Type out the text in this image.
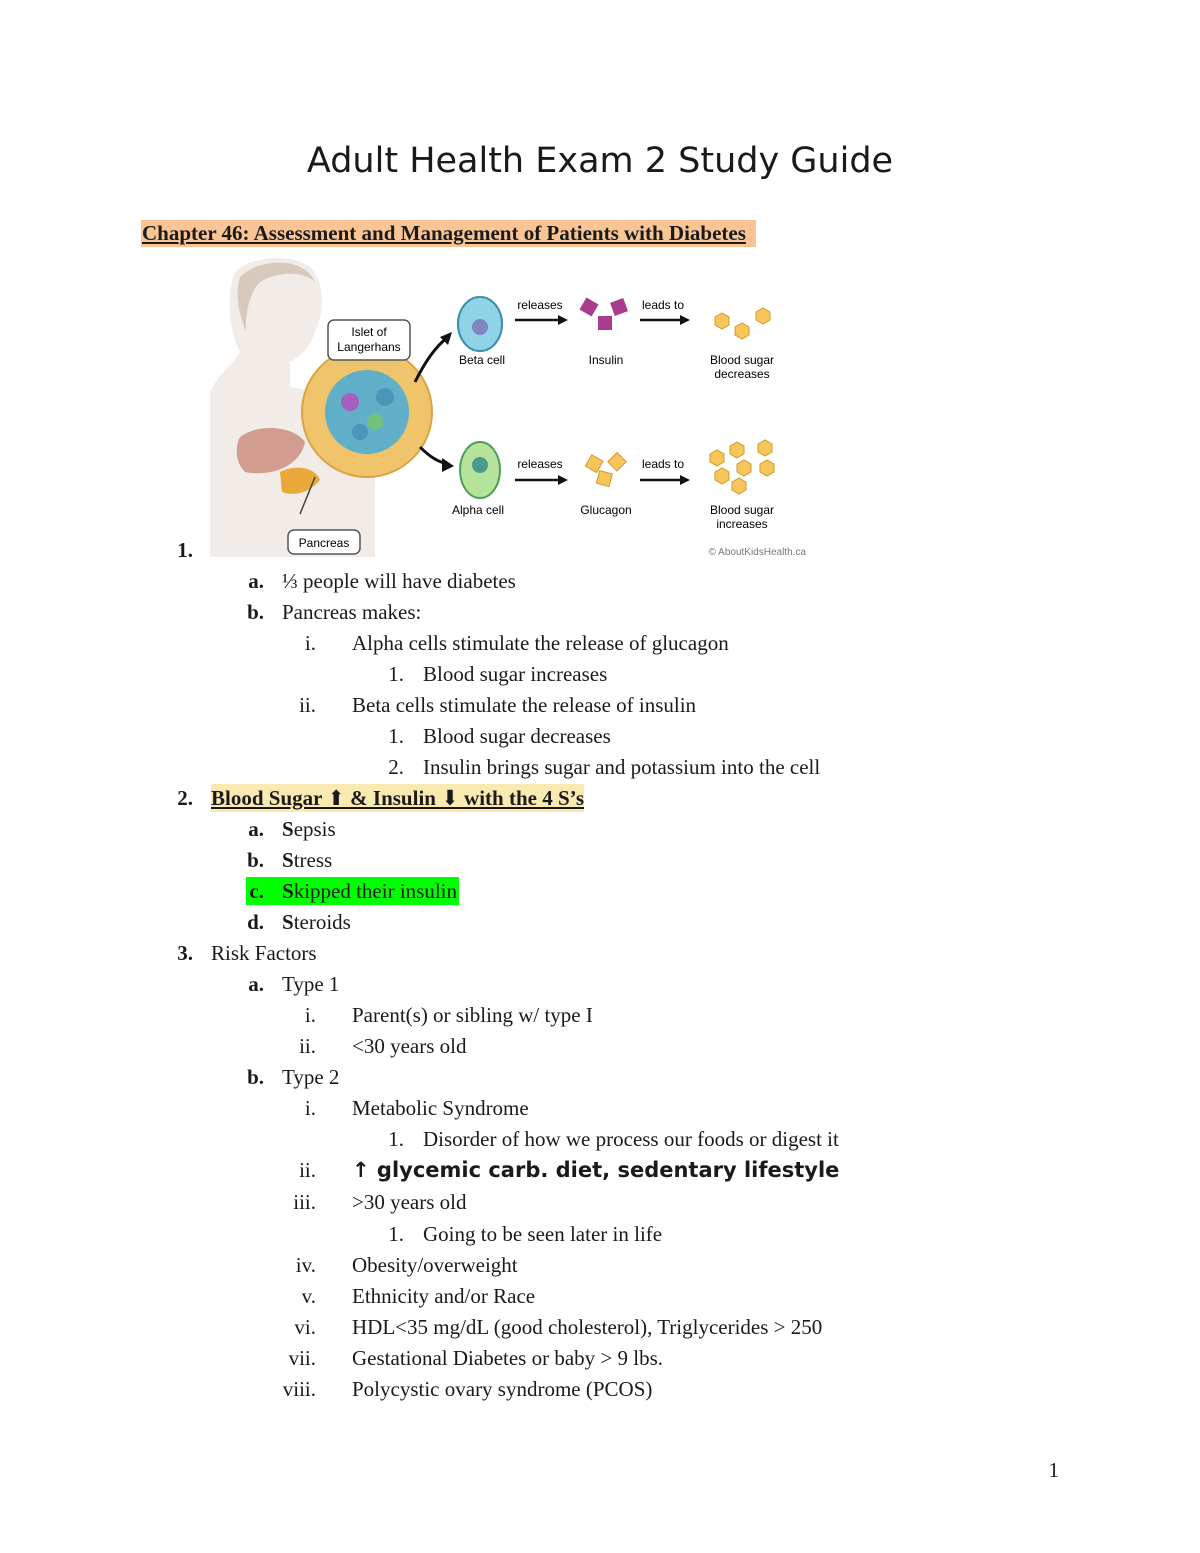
Adult Health Exam 2 Study Guide
Chapter 46: Assessment and Management of Patients with Diabetes
Islet of
Langerhans
Pancreas
Beta cell
releases
Insulin
leads to
Blood sugar
decreases
Alpha cell
releases
Glucagon
leads to
Blood sugar
increases
© AboutKidsHealth.ca
1.
a. ⅓ people will have diabetes
b. Pancreas makes:
i. Alpha cells stimulate the release of glucagon
1. Blood sugar increases
ii. Beta cells stimulate the release of insulin
1. Blood sugar decreases
2. Insulin brings sugar and potassium into the cell
2. Blood Sugar ⬆ & Insulin ⬇ with the 4 S’s
a. Sepsis
b. Stress
c. Skipped their insulin
d. Steroids
3. Risk Factors
a. Type 1
i. Parent(s) or sibling w/ type I
ii. <30 years old
b. Type 2
i. Metabolic Syndrome
1. Disorder of how we process our foods or digest it
ii. ↑ glycemic carb. diet, sedentary lifestyle
iii. >30 years old
1. Going to be seen later in life
iv. Obesity/overweight
v. Ethnicity and/or Race
vi. HDL<35 mg/dL (good cholesterol), Triglycerides > 250
vii. Gestational Diabetes or baby > 9 lbs.
viii. Polycystic ovary syndrome (PCOS)
1
